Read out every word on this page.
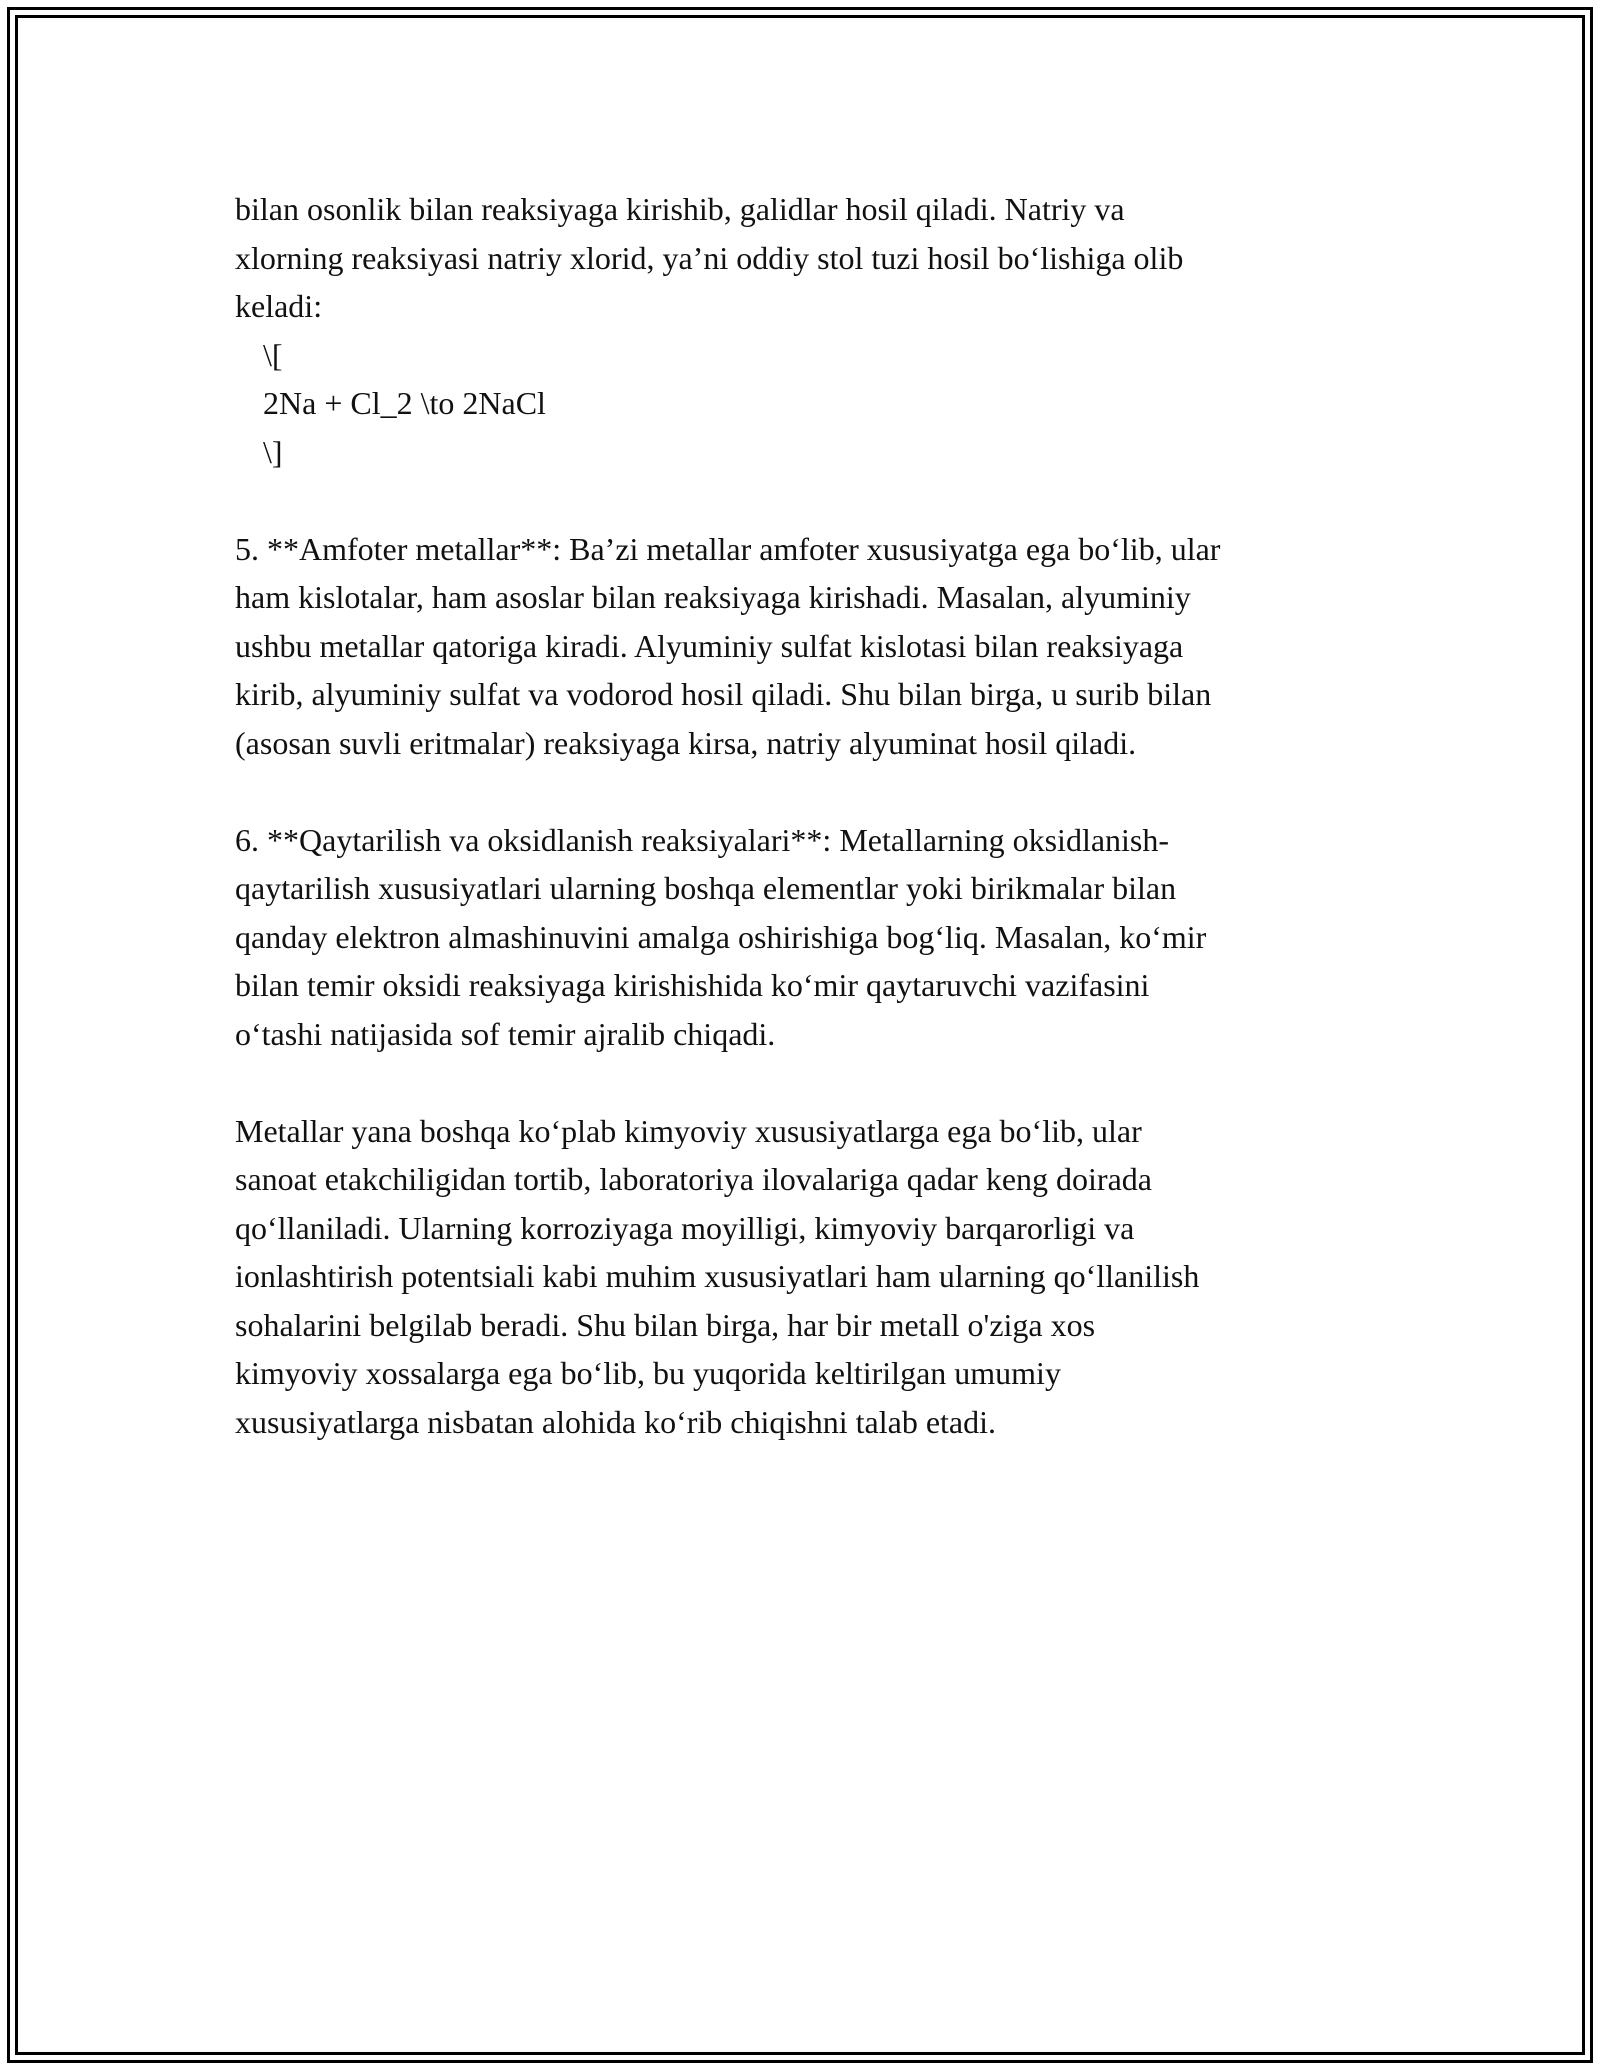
bilan osonlik bilan reaksiyaga kirishib, galidlar hosil qiladi. Natriy va
xlorning reaksiyasi natriy xlorid, ya’ni oddiy stol tuzi hosil bo‘lishiga olib
keladi:

\[
2Na + Cl_2 \to 2NaCl
\]

5. **Amfoter metallar**: Ba’zi metallar amfoter xususiyatga ega bo‘lib, ular
ham kislotalar, ham asoslar bilan reaksiyaga kirishadi. Masalan, alyuminiy
ushbu metallar qatoriga kiradi. Alyuminiy sulfat kislotasi bilan reaksiyaga
kirib, alyuminiy sulfat va vodorod hosil qiladi. Shu bilan birga, u surib bilan
(asosan suvli eritmalar) reaksiyaga kirsa, natriy alyuminat hosil qiladi.

6. **Qaytarilish va oksidlanish reaksiyalari**: Metallarning oksidlanish-
qaytarilish xususiyatlari ularning boshqa elementlar yoki birikmalar bilan
qanday elektron almashinuvini amalga oshirishiga bog‘liq. Masalan, ko‘mir
bilan temir oksidi reaksiyaga kirishishida ko‘mir qaytaruvchi vazifasini
o‘tashi natijasida sof temir ajralib chiqadi.

Metallar yana boshqa ko‘plab kimyoviy xususiyatlarga ega bo‘lib, ular
sanoat etakchiligidan tortib, laboratoriya ilovalariga qadar keng doirada
qo‘llaniladi. Ularning korroziyaga moyilligi, kimyoviy barqarorligi va
ionlashtirish potentsiali kabi muhim xususiyatlari ham ularning qo‘llanilish
sohalarini belgilab beradi. Shu bilan birga, har bir metall o'ziga xos
kimyoviy xossalarga ega bo‘lib, bu yuqorida keltirilgan umumiy
xususiyatlarga nisbatan alohida ko‘rib chiqishni talab etadi.
